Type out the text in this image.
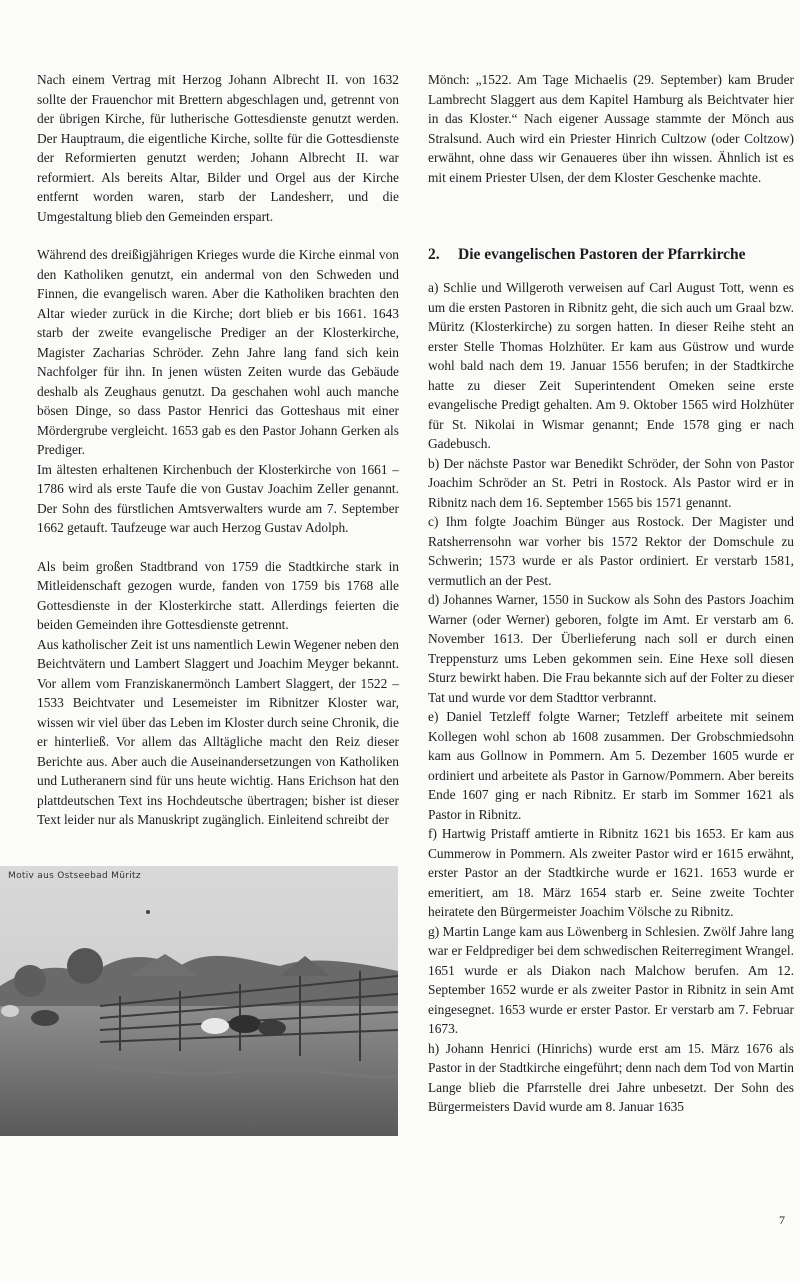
Nach einem Vertrag mit Herzog Johann Albrecht II. von 1632 sollte der Frauenchor mit Brettern abgeschlagen und, getrennt von der übrigen Kirche, für lutherische Gottesdienste genutzt werden. Der Hauptraum, die eigentliche Kirche, sollte für die Gottesdienste der Reformierten genutzt werden; Johann Albrecht II. war reformiert. Als bereits Altar, Bilder und Orgel aus der Kirche entfernt worden waren, starb der Landesherr, und die Umgestaltung blieb den Gemeinden erspart.

Während des dreißigjährigen Krieges wurde die Kirche einmal von den Katholiken genutzt, ein andermal von den Schweden und Finnen, die evangelisch waren. Aber die Katholiken brachten den Altar wieder zurück in die Kirche; dort blieb er bis 1661. 1643 starb der zweite evangelische Prediger an der Klosterkirche, Magister Zacharias Schröder. Zehn Jahre lang fand sich kein Nachfolger für ihn. In jenen wüsten Zeiten wurde das Gebäude deshalb als Zeughaus genutzt. Da geschahen wohl auch manche bösen Dinge, so dass Pastor Henrici das Gotteshaus mit einer Mördergrube vergleicht. 1653 gab es den Pastor Johann Gerken als Prediger.

Im ältesten erhaltenen Kirchenbuch der Klosterkirche von 1661 – 1786 wird als erste Taufe die von Gustav Joachim Zeller genannt. Der Sohn des fürstlichen Amtsverwalters wurde am 7. September 1662 getauft. Taufzeuge war auch Herzog Gustav Adolph.

Als beim großen Stadtbrand von 1759 die Stadtkirche stark in Mitleidenschaft gezogen wurde, fanden von 1759 bis 1768 alle Gottesdienste in der Klosterkirche statt. Allerdings feierten die beiden Gemeinden ihre Gottesdienste getrennt.

Aus katholischer Zeit ist uns namentlich Lewin Wegener neben den Beichtvätern und Lambert Slaggert und Joachim Meyger bekannt. Vor allem vom Franziskanermönch Lambert Slaggert, der 1522 – 1533 Beichtvater und Lesemeister im Ribnitzer Kloster war, wissen wir viel über das Leben im Kloster durch seine Chronik, die er hinterließ. Vor allem das Alltägliche macht den Reiz dieser Berichte aus. Aber auch die Auseinandersetzungen von Katholiken und Lutheranern sind für uns heute wichtig. Hans Erichson hat den plattdeutschen Text ins Hochdeutsche übertragen; bisher ist dieser Text leider nur als Manuskript zugänglich. Einleitend schreibt der

Motiv aus Ostseebad Müritz

Mönch: „1522. Am Tage Michaelis (29. September) kam Bruder Lambrecht Slaggert aus dem Kapitel Hamburg als Beichtvater hier in das Kloster.“ Nach eigener Aussage stammte der Mönch aus Stralsund. Auch wird ein Priester Hinrich Cultzow (oder Coltzow) erwähnt, ohne dass wir Genaueres über ihn wissen. Ähnlich ist es mit einem Priester Ulsen, der dem Kloster Geschenke machte.

2. Die evangelischen Pastoren der Pfarrkirche

a) Schlie und Willgeroth verweisen auf Carl August Tott, wenn es um die ersten Pastoren in Ribnitz geht, die sich auch um Graal bzw. Müritz (Klosterkirche) zu sorgen hatten. In dieser Reihe steht an erster Stelle Thomas Holzhüter. Er kam aus Güstrow und wurde wohl bald nach dem 19. Januar 1556 berufen; in der Stadtkirche hatte zu dieser Zeit Superintendent Omeken seine erste evangelische Predigt gehalten. Am 9. Oktober 1565 wird Holzhüter für St. Nikolai in Wismar genannt; Ende 1578 ging er nach Gadebusch.

b) Der nächste Pastor war Benedikt Schröder, der Sohn von Pastor Joachim Schröder an St. Petri in Rostock. Als Pastor wird er in Ribnitz nach dem 16. September 1565 bis 1571 genannt.

c) Ihm folgte Joachim Bünger aus Rostock. Der Magister und Ratsherrensohn war vorher bis 1572 Rektor der Domschule zu Schwerin; 1573 wurde er als Pastor ordiniert. Er verstarb 1581, vermutlich an der Pest.

d) Johannes Warner, 1550 in Suckow als Sohn des Pastors Joachim Warner (oder Werner) geboren, folgte im Amt. Er verstarb am 6. November 1613. Der Überlieferung nach soll er durch einen Treppensturz ums Leben gekommen sein. Eine Hexe soll diesen Sturz bewirkt haben. Die Frau bekannte sich auf der Folter zu dieser Tat und wurde vor dem Stadttor verbrannt.

e) Daniel Tetzleff folgte Warner; Tetzleff arbeitete mit seinem Kollegen wohl schon ab 1608 zusammen. Der Grobschmiedsohn kam aus Gollnow in Pommern. Am 5. Dezember 1605 wurde er ordiniert und arbeitete als Pastor in Garnow/Pommern. Aber bereits Ende 1607 ging er nach Ribnitz. Er starb im Sommer 1621 als Pastor in Ribnitz.

f) Hartwig Pristaff amtierte in Ribnitz 1621 bis 1653. Er kam aus Cummerow in Pommern. Als zweiter Pastor wird er 1615 erwähnt, erster Pastor an der Stadtkirche wurde er 1621. 1653 wurde er emeritiert, am 18. März 1654 starb er. Seine zweite Tochter heiratete den Bürgermeister Joachim Völsche zu Ribnitz.

g) Martin Lange kam aus Löwenberg in Schlesien. Zwölf Jahre lang war er Feldprediger bei dem schwedischen Reiterregiment Wrangel. 1651 wurde er als Diakon nach Malchow berufen. Am 12. September 1652 wurde er als zweiter Pastor in Ribnitz in sein Amt eingesegnet. 1653 wurde er erster Pastor. Er verstarb am 7. Februar 1673.

h) Johann Henrici (Hinrichs) wurde erst am 15. März 1676 als Pastor in der Stadtkirche eingeführt; denn nach dem Tod von Martin Lange blieb die Pfarrstelle drei Jahre unbesetzt. Der Sohn des Bürgermeisters David wurde am 8. Januar 1635

7
